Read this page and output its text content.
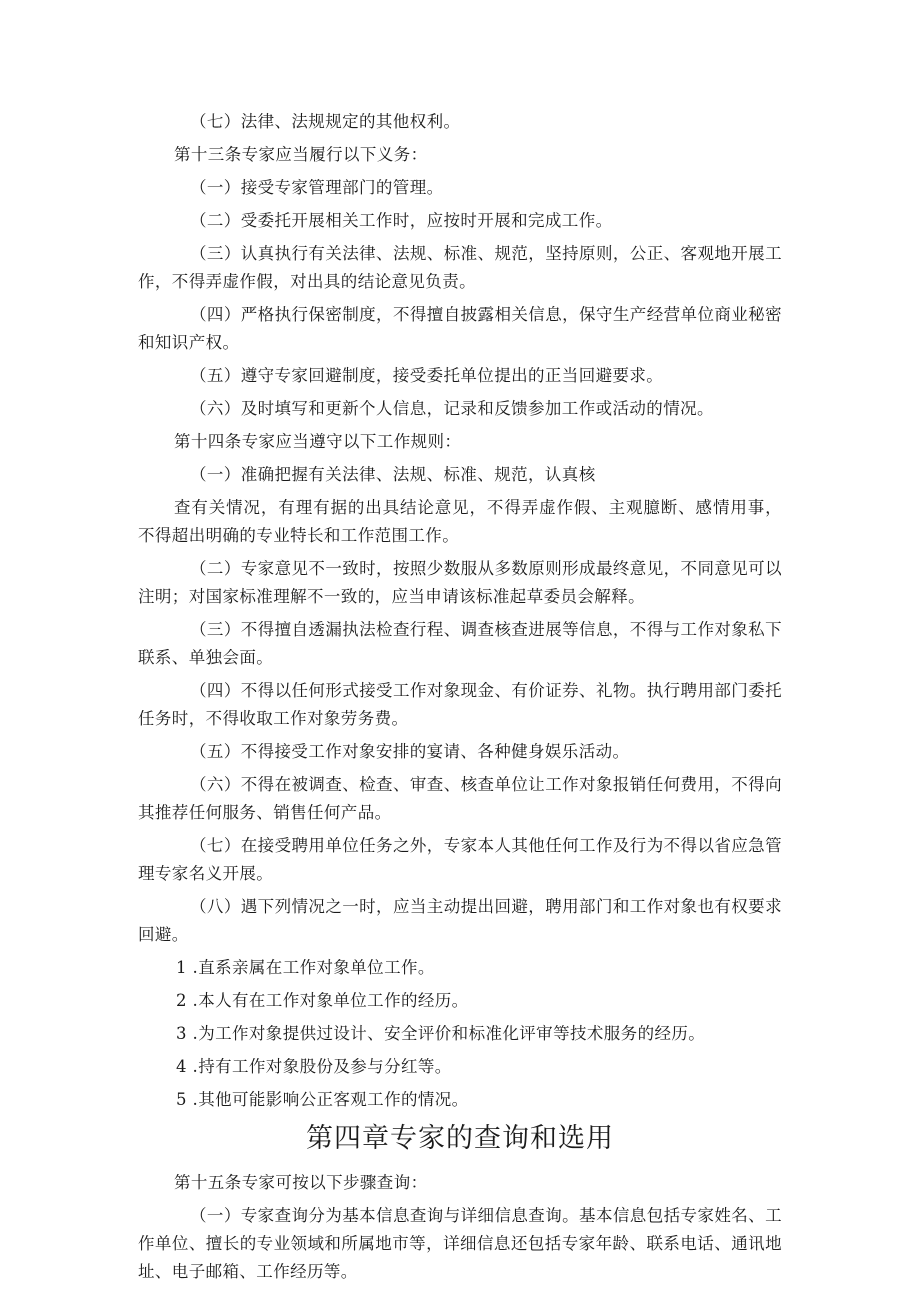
（七）法律、法规规定的其他权利。

第十三条专家应当履行以下义务：

（一）接受专家管理部门的管理。

（二）受委托开展相关工作时，应按时开展和完成工作。

（三）认真执行有关法律、法规、标准、规范，坚持原则，公正、客观地开展工作，不得弄虚作假，对出具的结论意见负责。

（四）严格执行保密制度，不得擅自披露相关信息，保守生产经营单位商业秘密和知识产权。

（五）遵守专家回避制度，接受委托单位提出的正当回避要求。

（六）及时填写和更新个人信息，记录和反馈参加工作或活动的情况。

第十四条专家应当遵守以下工作规则：

（一）准确把握有关法律、法规、标准、规范，认真核

查有关情况，有理有据的出具结论意见，不得弄虚作假、主观臆断、感情用事，不得超出明确的专业特长和工作范围工作。

（二）专家意见不一致时，按照少数服从多数原则形成最终意见，不同意见可以注明；对国家标准理解不一致的，应当申请该标准起草委员会解释。

（三）不得擅自透漏执法检查行程、调查核查进展等信息，不得与工作对象私下联系、单独会面。

（四）不得以任何形式接受工作对象现金、有价证券、礼物。执行聘用部门委托任务时，不得收取工作对象劳务费。

（五）不得接受工作对象安排的宴请、各种健身娱乐活动。

（六）不得在被调查、检查、审查、核查单位让工作对象报销任何费用，不得向其推荐任何服务、销售任何产品。

（七）在接受聘用单位任务之外，专家本人其他任何工作及行为不得以省应急管理专家名义开展。

（八）遇下列情况之一时，应当主动提出回避，聘用部门和工作对象也有权要求回避。

1 .直系亲属在工作对象单位工作。

2 .本人有在工作对象单位工作的经历。

3 .为工作对象提供过设计、安全评价和标准化评审等技术服务的经历。

4 .持有工作对象股份及参与分红等。

5 .其他可能影响公正客观工作的情况。

第四章专家的查询和选用

第十五条专家可按以下步骤查询：

（一）专家查询分为基本信息查询与详细信息查询。基本信息包括专家姓名、工作单位、擅长的专业领域和所属地市等，详细信息还包括专家年龄、联系电话、通讯地址、电子邮箱、工作经历等。
